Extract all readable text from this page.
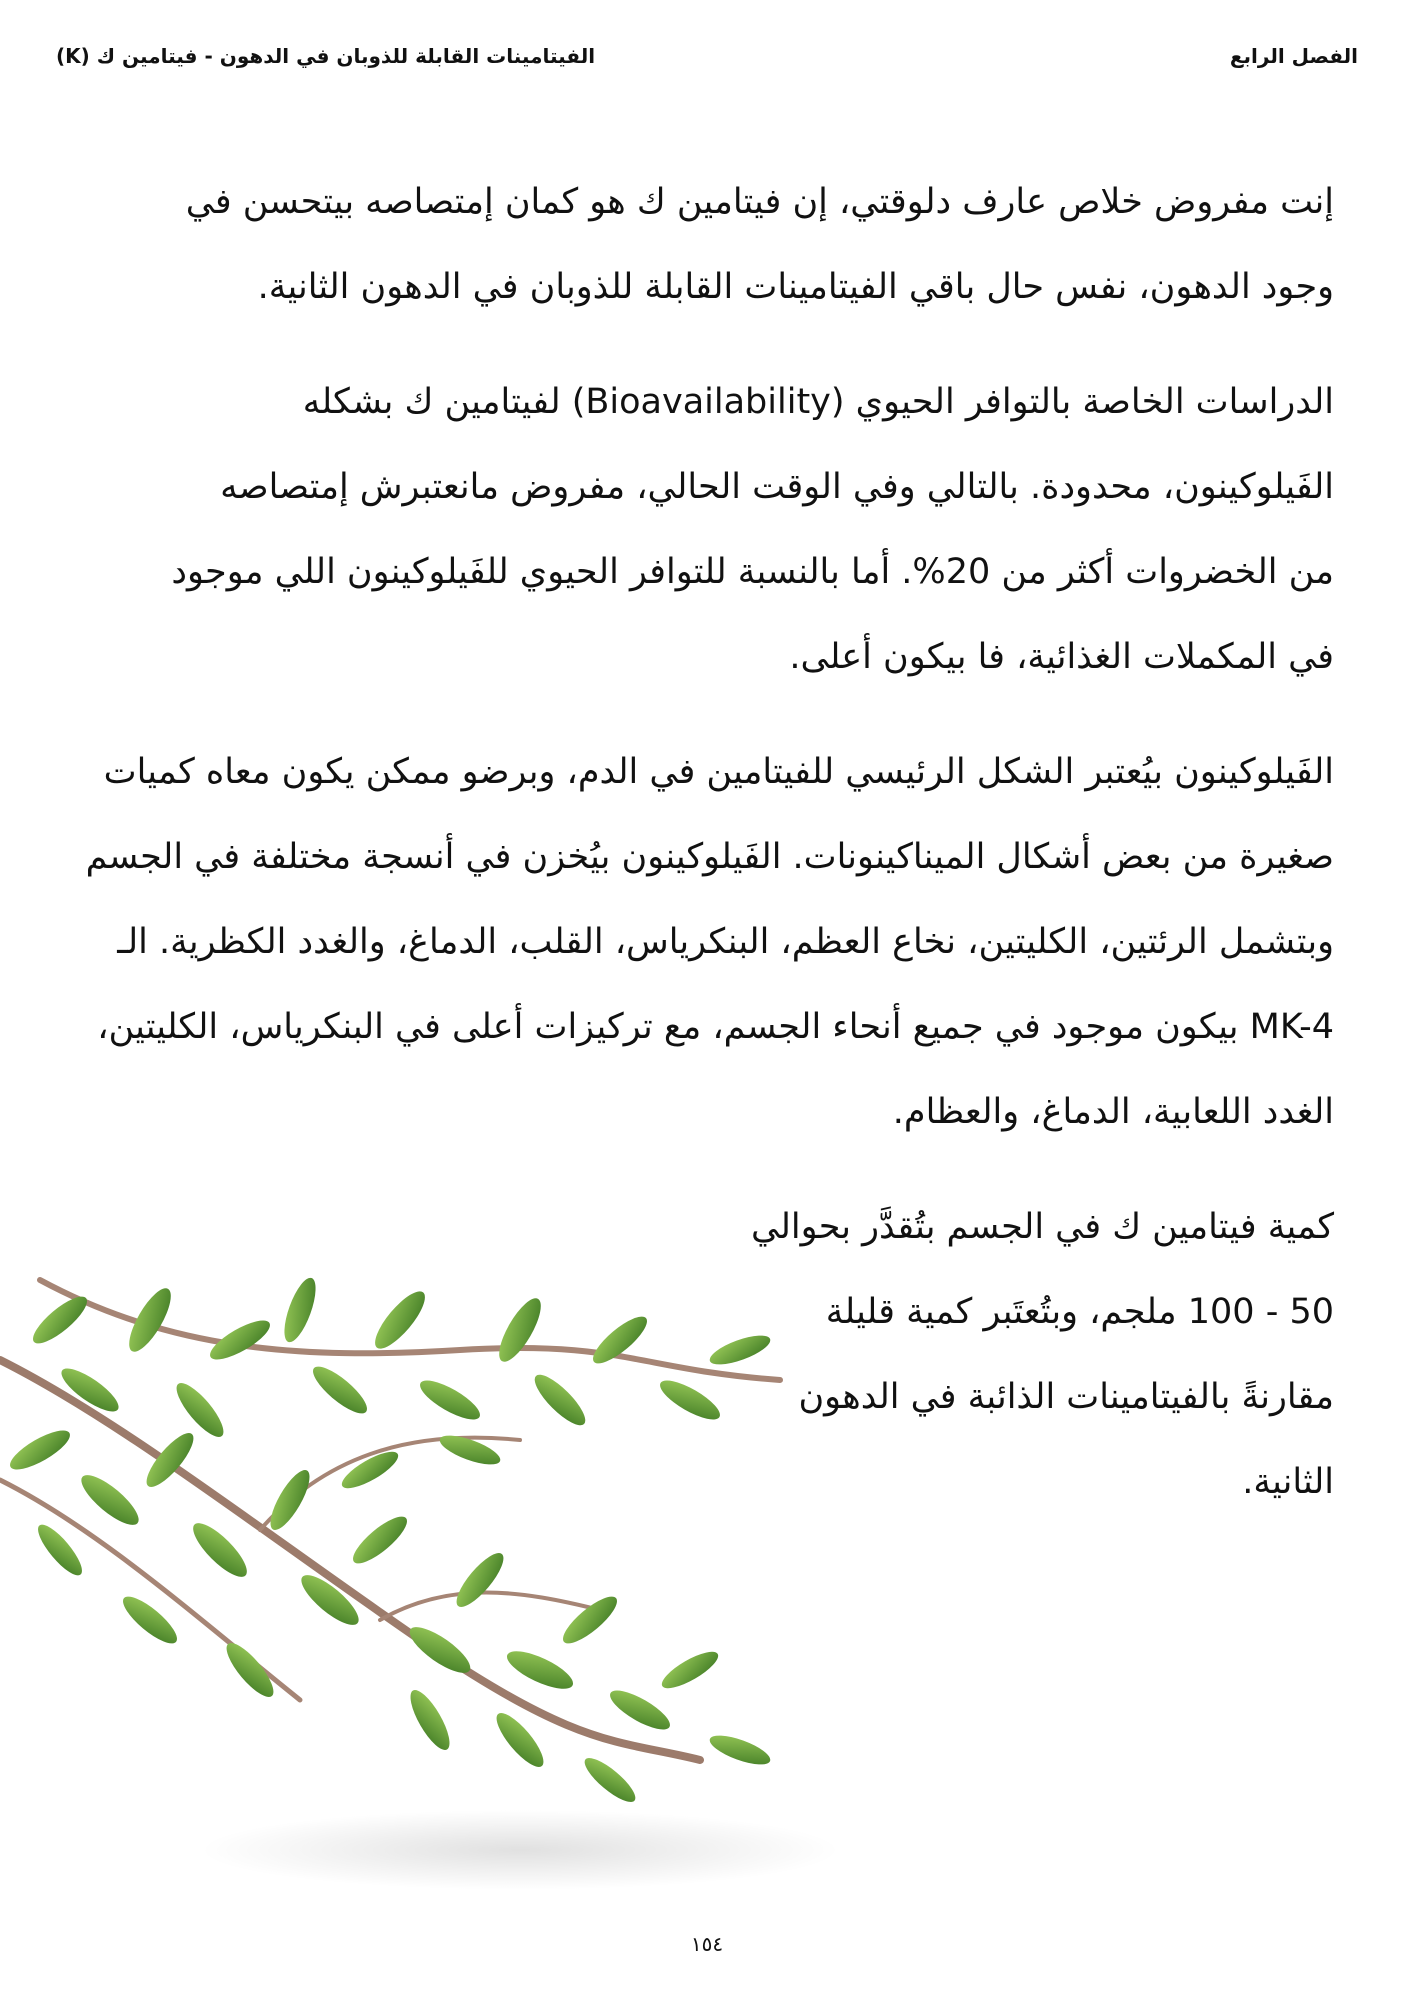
الفصل الرابع
الفيتامينات القابلة للذوبان في الدهون - فيتامين ك (K)

إنت مفروض خلاص عارف دلوقتي، إن فيتامين ك هو كمان إمتصاصه بيتحسن في وجود الدهون، نفس حال باقي الفيتامينات القابلة للذوبان في الدهون الثانية.

الدراسات الخاصة بالتوافر الحيوي (Bioavailability) لفيتامين ك بشكله الفَيلوكينون، محدودة. بالتالي وفي الوقت الحالي، مفروض مانعتبرش إمتصاصه من الخضروات أكثر من 20%. أما بالنسبة للتوافر الحيوي للفَيلوكينون اللي موجود في المكملات الغذائية، فا بيكون أعلى.

الفَيلوكينون بيُعتبر الشكل الرئيسي للفيتامين في الدم، وبرضو ممكن يكون معاه كميات صغيرة من بعض أشكال الميناكينونات. الفَيلوكينون بيُخزن في أنسجة مختلفة في الجسم وبتشمل الرئتين، الكليتين، نخاع العظم، البنكرياس، القلب، الدماغ، والغدد الكظرية. الـ MK-4 بيكون موجود في جميع أنحاء الجسم، مع تركيزات أعلى في البنكرياس، الكليتين، الغدد اللعابية، الدماغ، والعظام.

كمية فيتامين ك في الجسم بتُقدَّر بحوالي 50 - 100 ملجم، وبتُعتَبر كمية قليلة مقارنةً بالفيتامينات الذائبة في الدهون الثانية.

١٥٤
